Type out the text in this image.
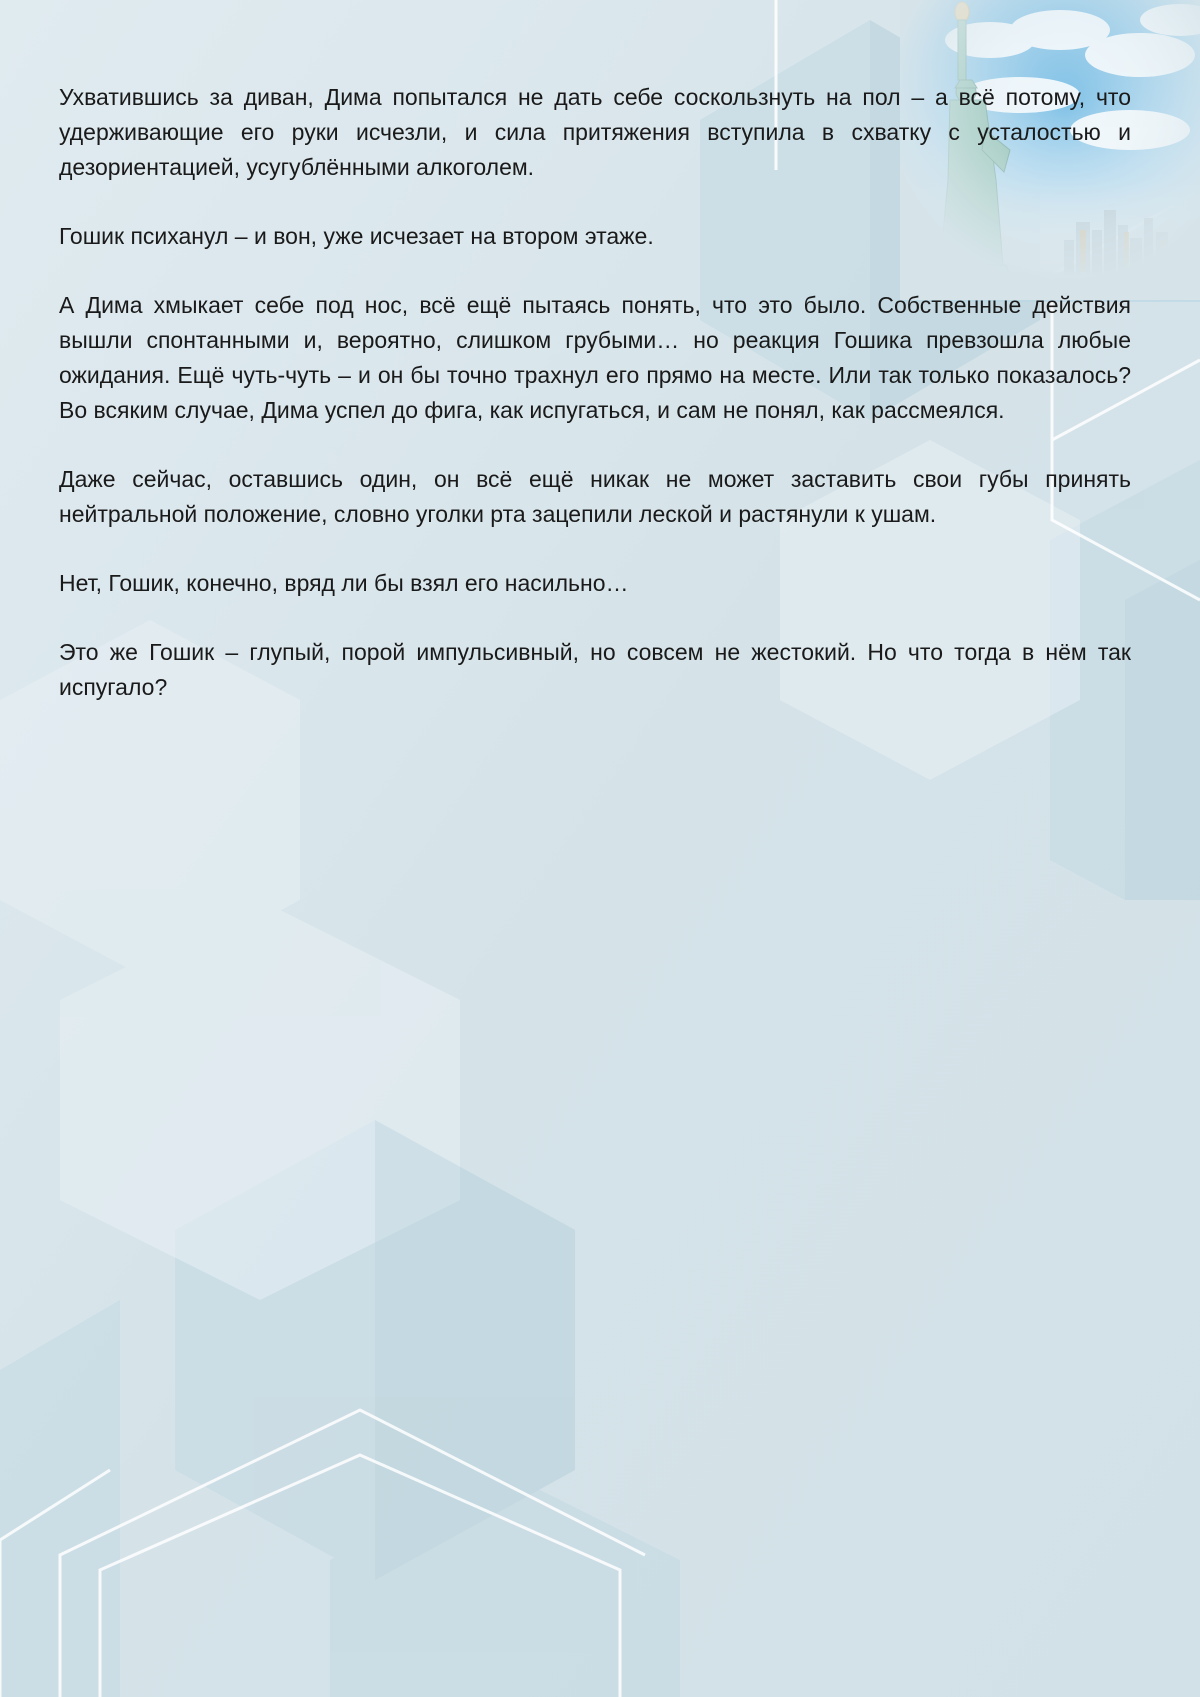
Ухватившись за диван, Дима попытался не дать себе соскользнуть на пол – а всё потому, что удерживающие его руки исчезли, и сила притяжения вступила в схватку с усталостью и дезориентацией, усугублёнными алкоголем.

Гошик психанул – и вон, уже исчезает на втором этаже.

А Дима хмыкает себе под нос, всё ещё пытаясь понять, что это было. Собственные действия вышли спонтанными и, вероятно, слишком грубыми… но реакция Гошика превзошла любые ожидания. Ещё чуть-чуть – и он бы точно трахнул его прямо на месте. Или так только показалось? Во всяким случае, Дима успел до фига, как испугаться, и сам не понял, как рассмеялся.

Даже сейчас, оставшись один, он всё ещё никак не может заставить свои губы принять нейтральной положение, словно уголки рта зацепили леской и растянули к ушам.

Нет, Гошик, конечно, вряд ли бы взял его насильно…

Это же Гошик – глупый, порой импульсивный, но совсем не жестокий. Но что тогда в нём так испугало?
